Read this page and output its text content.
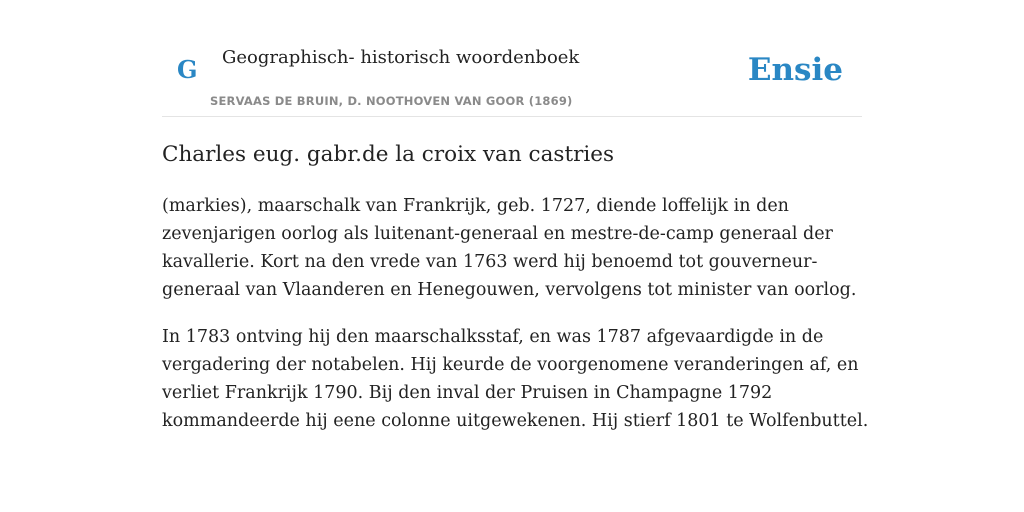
G Geographisch- historisch woordenboek
SERVAAS DE BRUIN, D. NOOTHOVEN VAN GOOR (1869)
Ensie
Charles eug. gabr.de la croix van castries

(markies), maarschalk van Frankrijk, geb. 1727, diende loffelijk in den zevenjarigen oorlog als luitenant-generaal en mestre-de-camp generaal der kavallerie. Kort na den vrede van 1763 werd hij benoemd tot gouverneur-generaal van Vlaanderen en Henegouwen, vervolgens tot minister van oorlog.

In 1783 ontving hij den maarschalksstaf, en was 1787 afgevaardigde in de vergadering der notabelen. Hij keurde de voorgenomene veranderingen af, en verliet Frankrijk 1790. Bij den inval der Pruisen in Champagne 1792 kommandeerde hij eene colonne uitgewekenen. Hij stierf 1801 te Wolfenbuttel.
